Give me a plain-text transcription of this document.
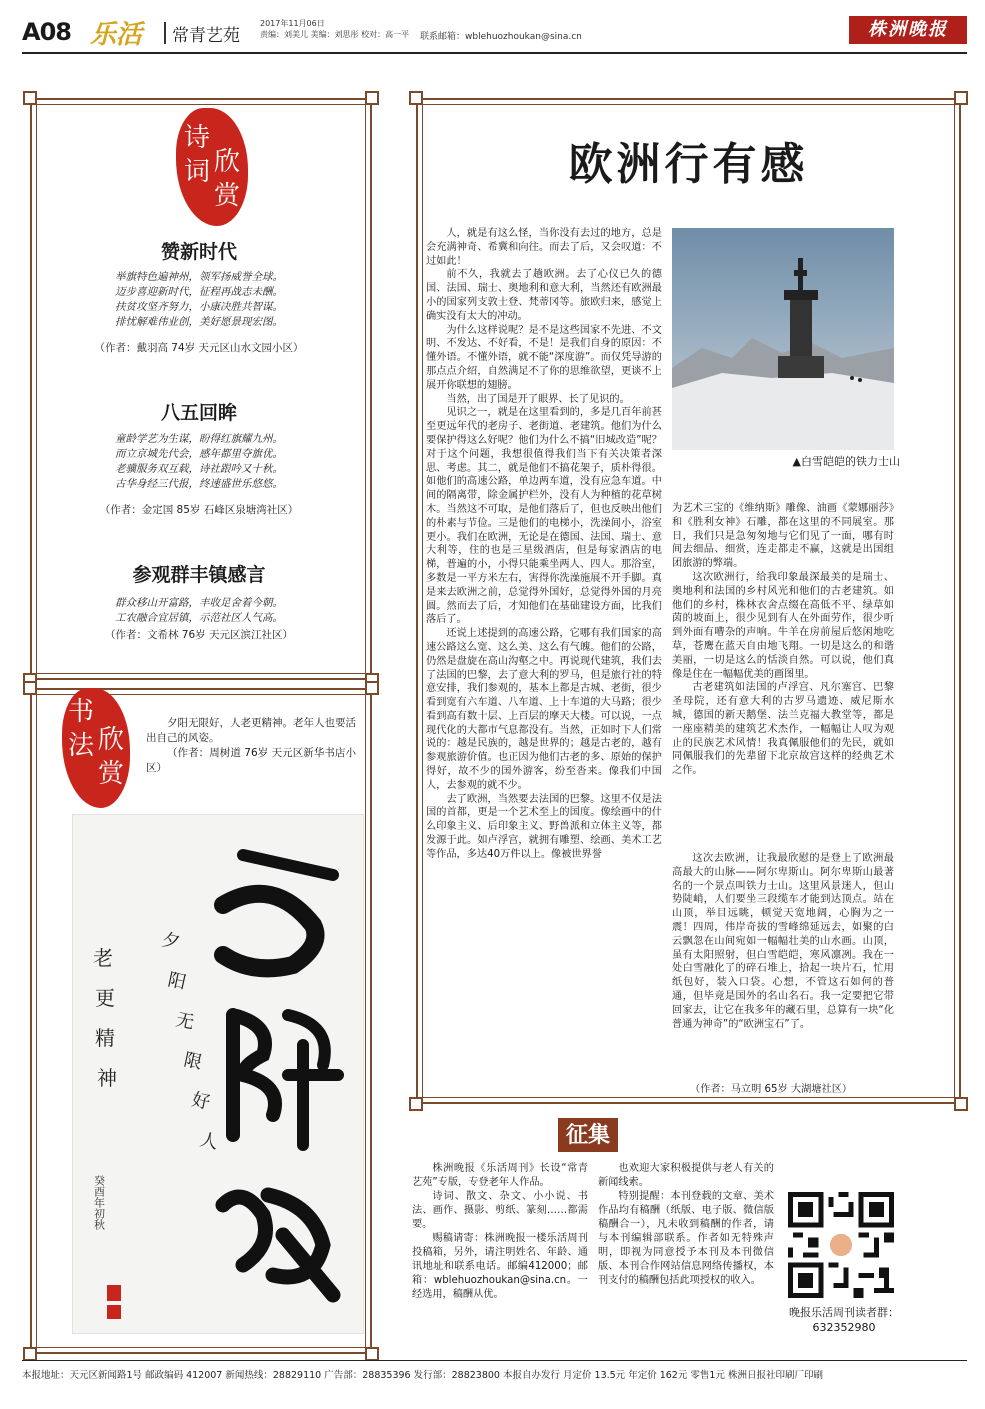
A08 乐活 常青艺苑
2017年11月06日
责编：刘美儿 美编：刘思彤 校对：高一平 联系邮箱：wblehuozhoukan@sina.cn	株洲晚报
诗
词 欣
赏
赞新时代
举旗特色遍神州，领军扬威誉全球。
迈步喜迎新时代，征程再战志未酬。
扶贫攻坚齐努力，小康决胜共智谋。
排忧解难伟业创，美好愿景现宏图。
（作者：戴羽高 74岁 天元区山水文园小区）
八五回眸
童龄学艺为生谋，盼得红旗耀九州。
而立京城先代会，感年都里夺旗优。
老骥服务双互载，诗社跟吟又十秋。
古华身经三代报，终速盛世乐悠悠。
（作者：金定国 85岁 石峰区泉塘湾社区）
参观群丰镇感言
群众移山开富路，丰收足舍着今朝。
工农融合宜居镇，示范社区人气高。
（作者：文希林 76岁 天元区滨江社区）
书
法 欣
赏

夕阳无限好，人老更精神。老年人也要活出自己的风姿。

（作者：周树道 76岁 天元区新华书店小区）

夕
阳
无
限
好
人
老
更
精
神
癸酉年初秋
欧洲行有感

人，就是有这么怪，当你没有去过的地方，总是会充满神奇、希冀和向往。而去了后，又会叹道：不过如此！

前不久，我就去了趟欧洲。去了心仪已久的德国、法国、瑞士、奥地利和意大利，当然还有欧洲最小的国家列支敦士登、梵蒂冈等。旅欧归来，感觉上确实没有太大的冲动。

为什么这样说呢？是不是这些国家不先进、不文明、不发达、不好看，不是！是我们自身的原因：不懂外语。不懂外语，就不能“深度游”。而仅凭导游的那点点介绍，自然满足不了你的思维欲望，更谈不上展开你联想的翅膀。

当然，出了国是开了眼界、长了见识的。

见识之一，就是在这里看到的，多是几百年前甚至更远年代的老房子、老街道、老建筑。他们为什么要保护得这么好呢？他们为什么不搞“旧城改造”呢？对于这个问题，我想很值得我们当下有关决策者深思、考虑。其二，就是他们不搞花架子，质朴得很。如他们的高速公路，单边两车道，没有应急车道。中间的隔离带，除金属护栏外，没有人为种植的花草树木。当然这不可取，是他们落后了，但也反映出他们的朴素与节俭。三是他们的电梯小，洗澡间小，浴室更小。我们在欧洲，无论是在德国、法国、瑞士、意大利等，住的也是三星级酒店，但是每家酒店的电梯，普遍的小，小得只能乘坐两人、四人。那浴室，多数是一平方米左右，害得你洗澡施展不开手脚。真是来去欧洲之前，总觉得外国好，总觉得外国的月亮圆。然而去了后，才知他们在基础建设方面，比我们落后了。

还说上述提到的高速公路，它哪有我们国家的高速公路这么宽、这么美、这么有气魄。他们的公路，仍然是盘旋在高山沟壑之中。再说现代建筑，我们去了法国的巴黎，去了意大利的罗马，但是旅行社的特意安排，我们参观的，基本上都是古城、老街，很少看到宽有六车道、八车道、上十车道的大马路；很少看到高有数十层、上百层的摩天大楼。可以说，一点现代化的大都市气息都没有。当然，正如时下人们常说的：越是民族的，越是世界的；越是古老的，越有参观旅游价值。也正因为他们古老的多、原始的保护得好，故不少的国外游客，纷至沓来。像我们中国人，去参观的就不少。

去了欧洲，当然要去法国的巴黎。这里不仅是法国的首都，更是一个艺术至上的国度。像绘画中的什么印象主义、后印象主义、野兽派和立体主义等，都发源于此。如卢浮宫，就拥有雕塑、绘画、美术工艺等作品，多达40万件以上。像被世界誉

▲白雪皑皑的铁力士山

为艺术三宝的《维纳斯》雕像、油画《蒙娜丽莎》和《胜利女神》石雕，都在这里的不同展室。那日，我们只是急匆匆地与它们见了一面，哪有时间去细品、细赏，连走都走不赢，这就是出国组团旅游的弊端。

这次欧洲行，给我印象最深最美的是瑞士、奥地利和法国的乡村风光和他们的古老建筑。如他们的乡村，株林衣舍点缀在高低不平、绿草如茵的坡面上，很少见到有人在外面劳作，很少听到外面有嘈杂的声响。牛羊在房前屋后悠闲地吃草，苍鹰在蓝天自由地飞翔。一切是这么的和谐美丽，一切是这么的恬淡自然。可以说，他们真像是住在一幅幅优美的画图里。

古老建筑如法国的卢浮宫、凡尔塞宫、巴黎圣母院，还有意大利的古罗马遗迹、威尼斯水城，德国的新天鹅堡、法兰克福大教堂等，都是一座座精美的建筑艺术杰作，一幅幅让人叹为观止的民族艺术风情！我真佩服他们的先民，就如同佩服我们的先辈留下北京故宫这样的经典艺术之作。

这次去欧洲，让我最欣慰的是登上了欧洲最高最大的山脉——阿尔卑斯山。阿尔卑斯山最著名的一个景点叫铁力士山。这里风景迷人，但山势陡峭，人们要坐三段缆车才能到达顶点。站在山顶，举目远眺，顿觉天宽地阔，心胸为之一震！四周，伟岸奇拔的雪峰绵延远去，如聚的白云飘忽在山间宛如一幅幅壮美的山水画。山顶，虽有太阳照射，但白雪皑皑，寒风凛冽。我在一处白雪融化了的碎石堆上，拾起一块片石，忙用纸包好，装入口袋。心想，不管这石如何的普通，但毕竟是国外的名山名石。我一定要把它带回家去，让它在我多年的藏石里，总算有一块“化普通为神奇”的“欧洲宝石”了。

（作者：马立明 65岁 大湖塘社区）
征集

株洲晚报《乐活周刊》长设“常青艺苑”专版，专登老年人作品。

诗词、散文、杂文、小小说、书法、画作、摄影、剪纸、篆刻……都需要。

赐稿请寄：株洲晚报一楼乐活周刊投稿箱，另外，请注明姓名、年龄、通讯地址和联系电话。邮编412000；邮箱：wblehuozhoukan@sina.cn。一经选用，稿酬从优。

也欢迎大家积极提供与老人有关的新闻线索。

特别提醒：本刊登载的文章、美术作品均有稿酬（纸版、电子版、微信版稿酬合一），凡未收到稿酬的作者，请与本刊编辑部联系。作者如无特殊声明，即视为同意授予本刊及本刊微信版、本刊合作网站信息网络传播权，本刊支付的稿酬包括此项授权的收入。

晚报乐活周刊读者群：
632352980
本报地址：天元区新闻路1号 邮政编码 412007 新闻热线：28829110 广告部：28835396 发行部：28823800 本报自办发行 月定价 13.5元 年定价 162元 零售1元 株洲日报社印刷厂印刷
